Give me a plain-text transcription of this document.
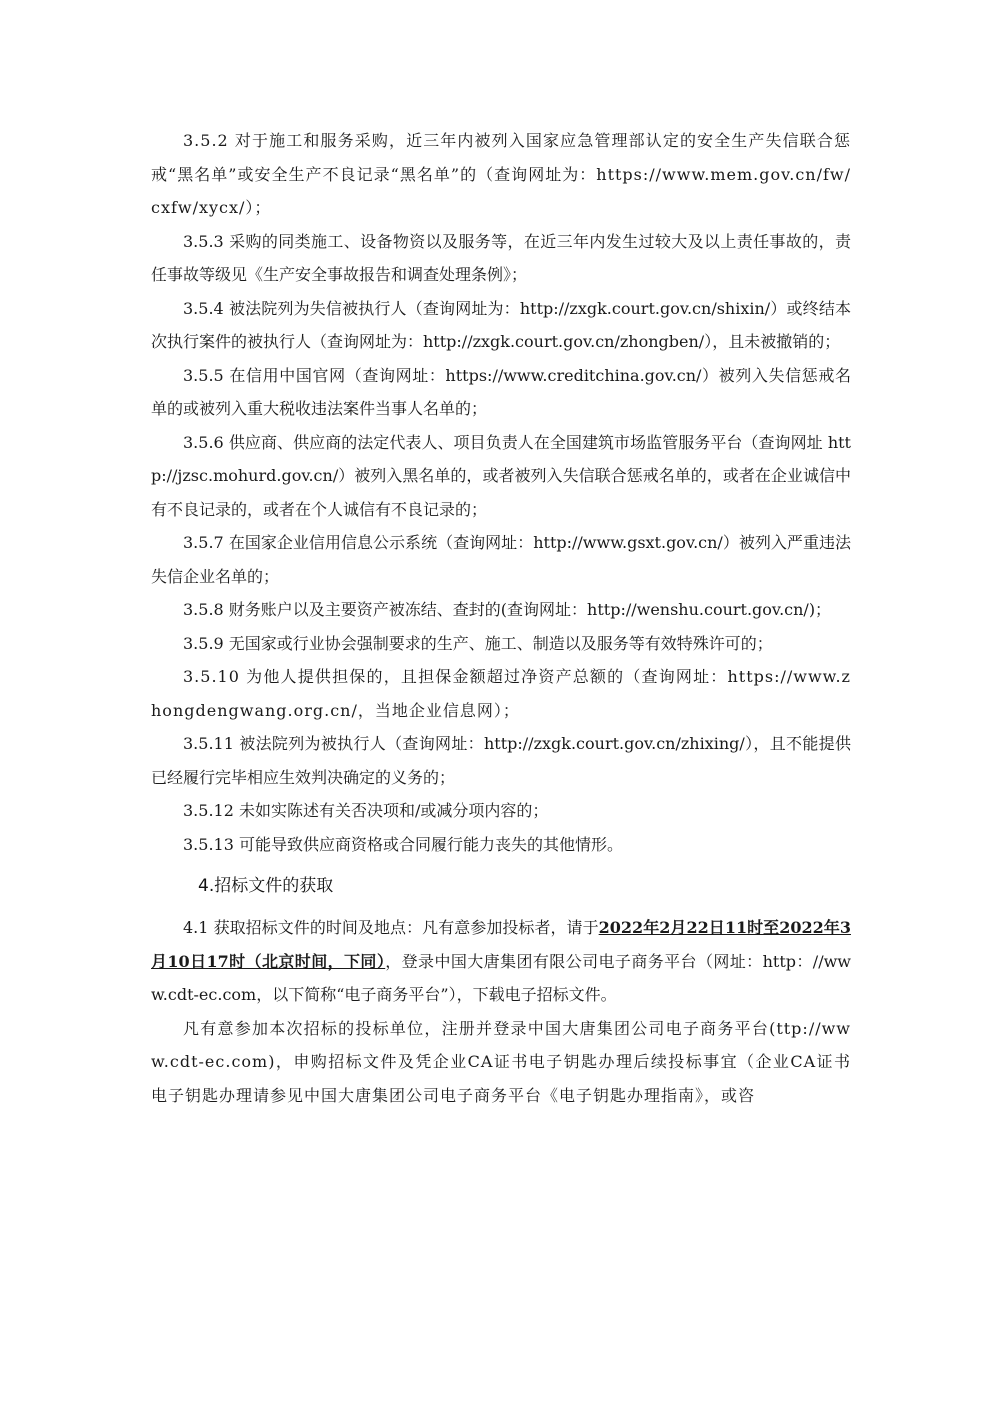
3.5.2 对于施工和服务采购，近三年内被列入国家应急管理部认定的安全生产失信联合惩戒“黑名单”或安全生产不良记录“黑名单”的（查询网址为：https://www.mem.gov.cn/fw/cxfw/xycx/）；

3.5.3 采购的同类施工、设备物资以及服务等，在近三年内发生过较大及以上责任事故的，责任事故等级见《生产安全事故报告和调查处理条例》；

3.5.4 被法院列为失信被执行人（查询网址为：http://zxgk.court.gov.cn/shixin/）或终结本次执行案件的被执行人（查询网址为：http://zxgk.court.gov.cn/zhongben/），且未被撤销的；

3.5.5 在信用中国官网（查询网址：https://www.creditchina.gov.cn/）被列入失信惩戒名单的或被列入重大税收违法案件当事人名单的；

3.5.6 供应商、供应商的法定代表人、项目负责人在全国建筑市场监管服务平台（查询网址 http://jzsc.mohurd.gov.cn/）被列入黑名单的，或者被列入失信联合惩戒名单的，或者在企业诚信中有不良记录的，或者在个人诚信有不良记录的；

3.5.7 在国家企业信用信息公示系统（查询网址：http://www.gsxt.gov.cn/）被列入严重违法失信企业名单的；

3.5.8 财务账户以及主要资产被冻结、查封的(查询网址：http://wenshu.court.gov.cn/)；

3.5.9 无国家或行业协会强制要求的生产、施工、制造以及服务等有效特殊许可的；

3.5.10 为他人提供担保的，且担保金额超过净资产总额的（查询网址：https://www.zhongdengwang.org.cn/，当地企业信息网）；

3.5.11 被法院列为被执行人（查询网址：http://zxgk.court.gov.cn/zhixing/），且不能提供已经履行完毕相应生效判决确定的义务的；

3.5.12 未如实陈述有关否决项和/或减分项内容的；

3.5.13 可能导致供应商资格或合同履行能力丧失的其他情形。

4.招标文件的获取

4.1 获取招标文件的时间及地点：凡有意参加投标者，请于2022年2月22日11时至2022年3月10日17时（北京时间，下同），登录中国大唐集团有限公司电子商务平台（网址：http：//www.cdt-ec.com，以下简称“电子商务平台”），下载电子招标文件。

凡有意参加本次招标的投标单位，注册并登录中国大唐集团公司电子商务平台(ttp://www.cdt-ec.com)，申购招标文件及凭企业CA证书电子钥匙办理后续投标事宜（企业CA证书电子钥匙办理请参见中国大唐集团公司电子商务平台《电子钥匙办理指南》，或咨
